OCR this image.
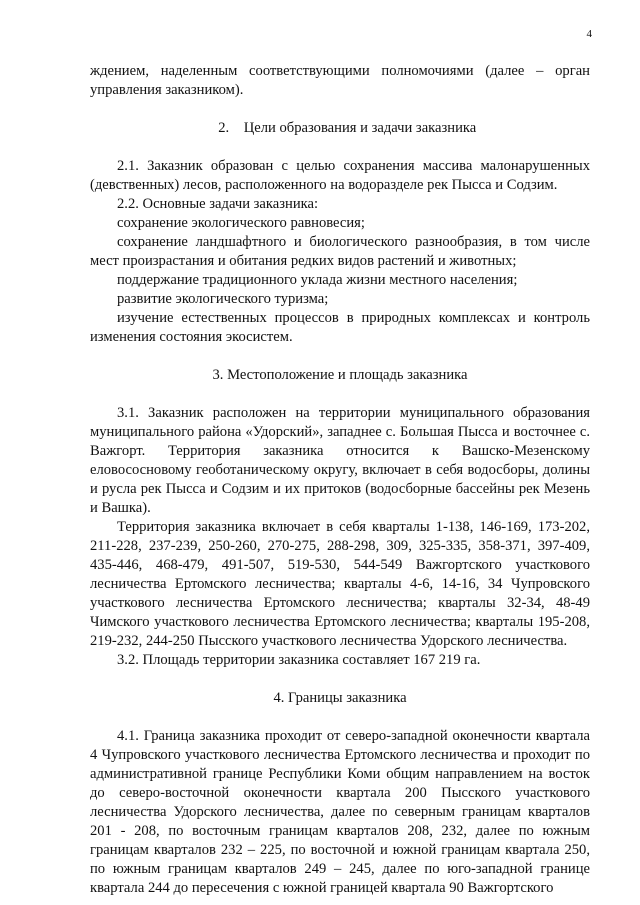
4

ждением, наделенным соответствующими полномочиями (далее – орган управления заказником).

2. Цели образования и задачи заказника

2.1. Заказник образован с целью сохранения массива малонарушенных (девственных) лесов, расположенного на водоразделе рек Пысса и Содзим.

2.2. Основные задачи заказника:

сохранение экологического равновесия;

сохранение ландшафтного и биологического разнообразия, в том числе мест произрастания и обитания редких видов растений и животных;

поддержание традиционного уклада жизни местного населения;

развитие экологического туризма;

изучение естественных процессов в природных комплексах и контроль изменения состояния экосистем.

3. Местоположение и площадь заказника

3.1. Заказник расположен на территории муниципального образования муниципального района «Удорский», западнее с. Большая Пысса и восточнее с. Важгорт. Территория заказника относится к Вашско-Мезенскому еловососновому геоботаническому округу, включает в себя водосборы, долины и русла рек Пысса и Содзим и их притоков (водосборные бассейны рек Мезень и Вашка).

Территория заказника включает в себя кварталы 1-138, 146-169, 173-202, 211-228, 237-239, 250-260, 270-275, 288-298, 309, 325-335, 358-371, 397-409, 435-446, 468-479, 491-507, 519-530, 544-549 Важгортского участкового лесничества Ертомского лесничества; кварталы 4-6, 14-16, 34 Чупровского участкового лесничества Ертомского лесничества; кварталы 32-34, 48-49 Чимского участкового лесничества Ертомского лесничества; кварталы 195-208, 219-232, 244-250 Пысского участкового лесничества Удорского лесничества.

3.2. Площадь территории заказника составляет 167 219 га.

4. Границы заказника

4.1. Граница заказника проходит от северо-западной оконечности квартала 4 Чупровского участкового лесничества Ертомского лесничества и проходит по административной границе Республики Коми общим направлением на восток до северо-восточной оконечности квартала 200 Пысского участкового лесничества Удорского лесничества, далее по северным границам кварталов 201 - 208, по восточным границам кварталов 208, 232, далее по южным границам кварталов 232 – 225, по восточной и южной границам квартала 250, по южным границам кварталов 249 – 245, далее по юго-западной границе квартала 244 до пересечения с южной границей квартала 90 Важгортского
